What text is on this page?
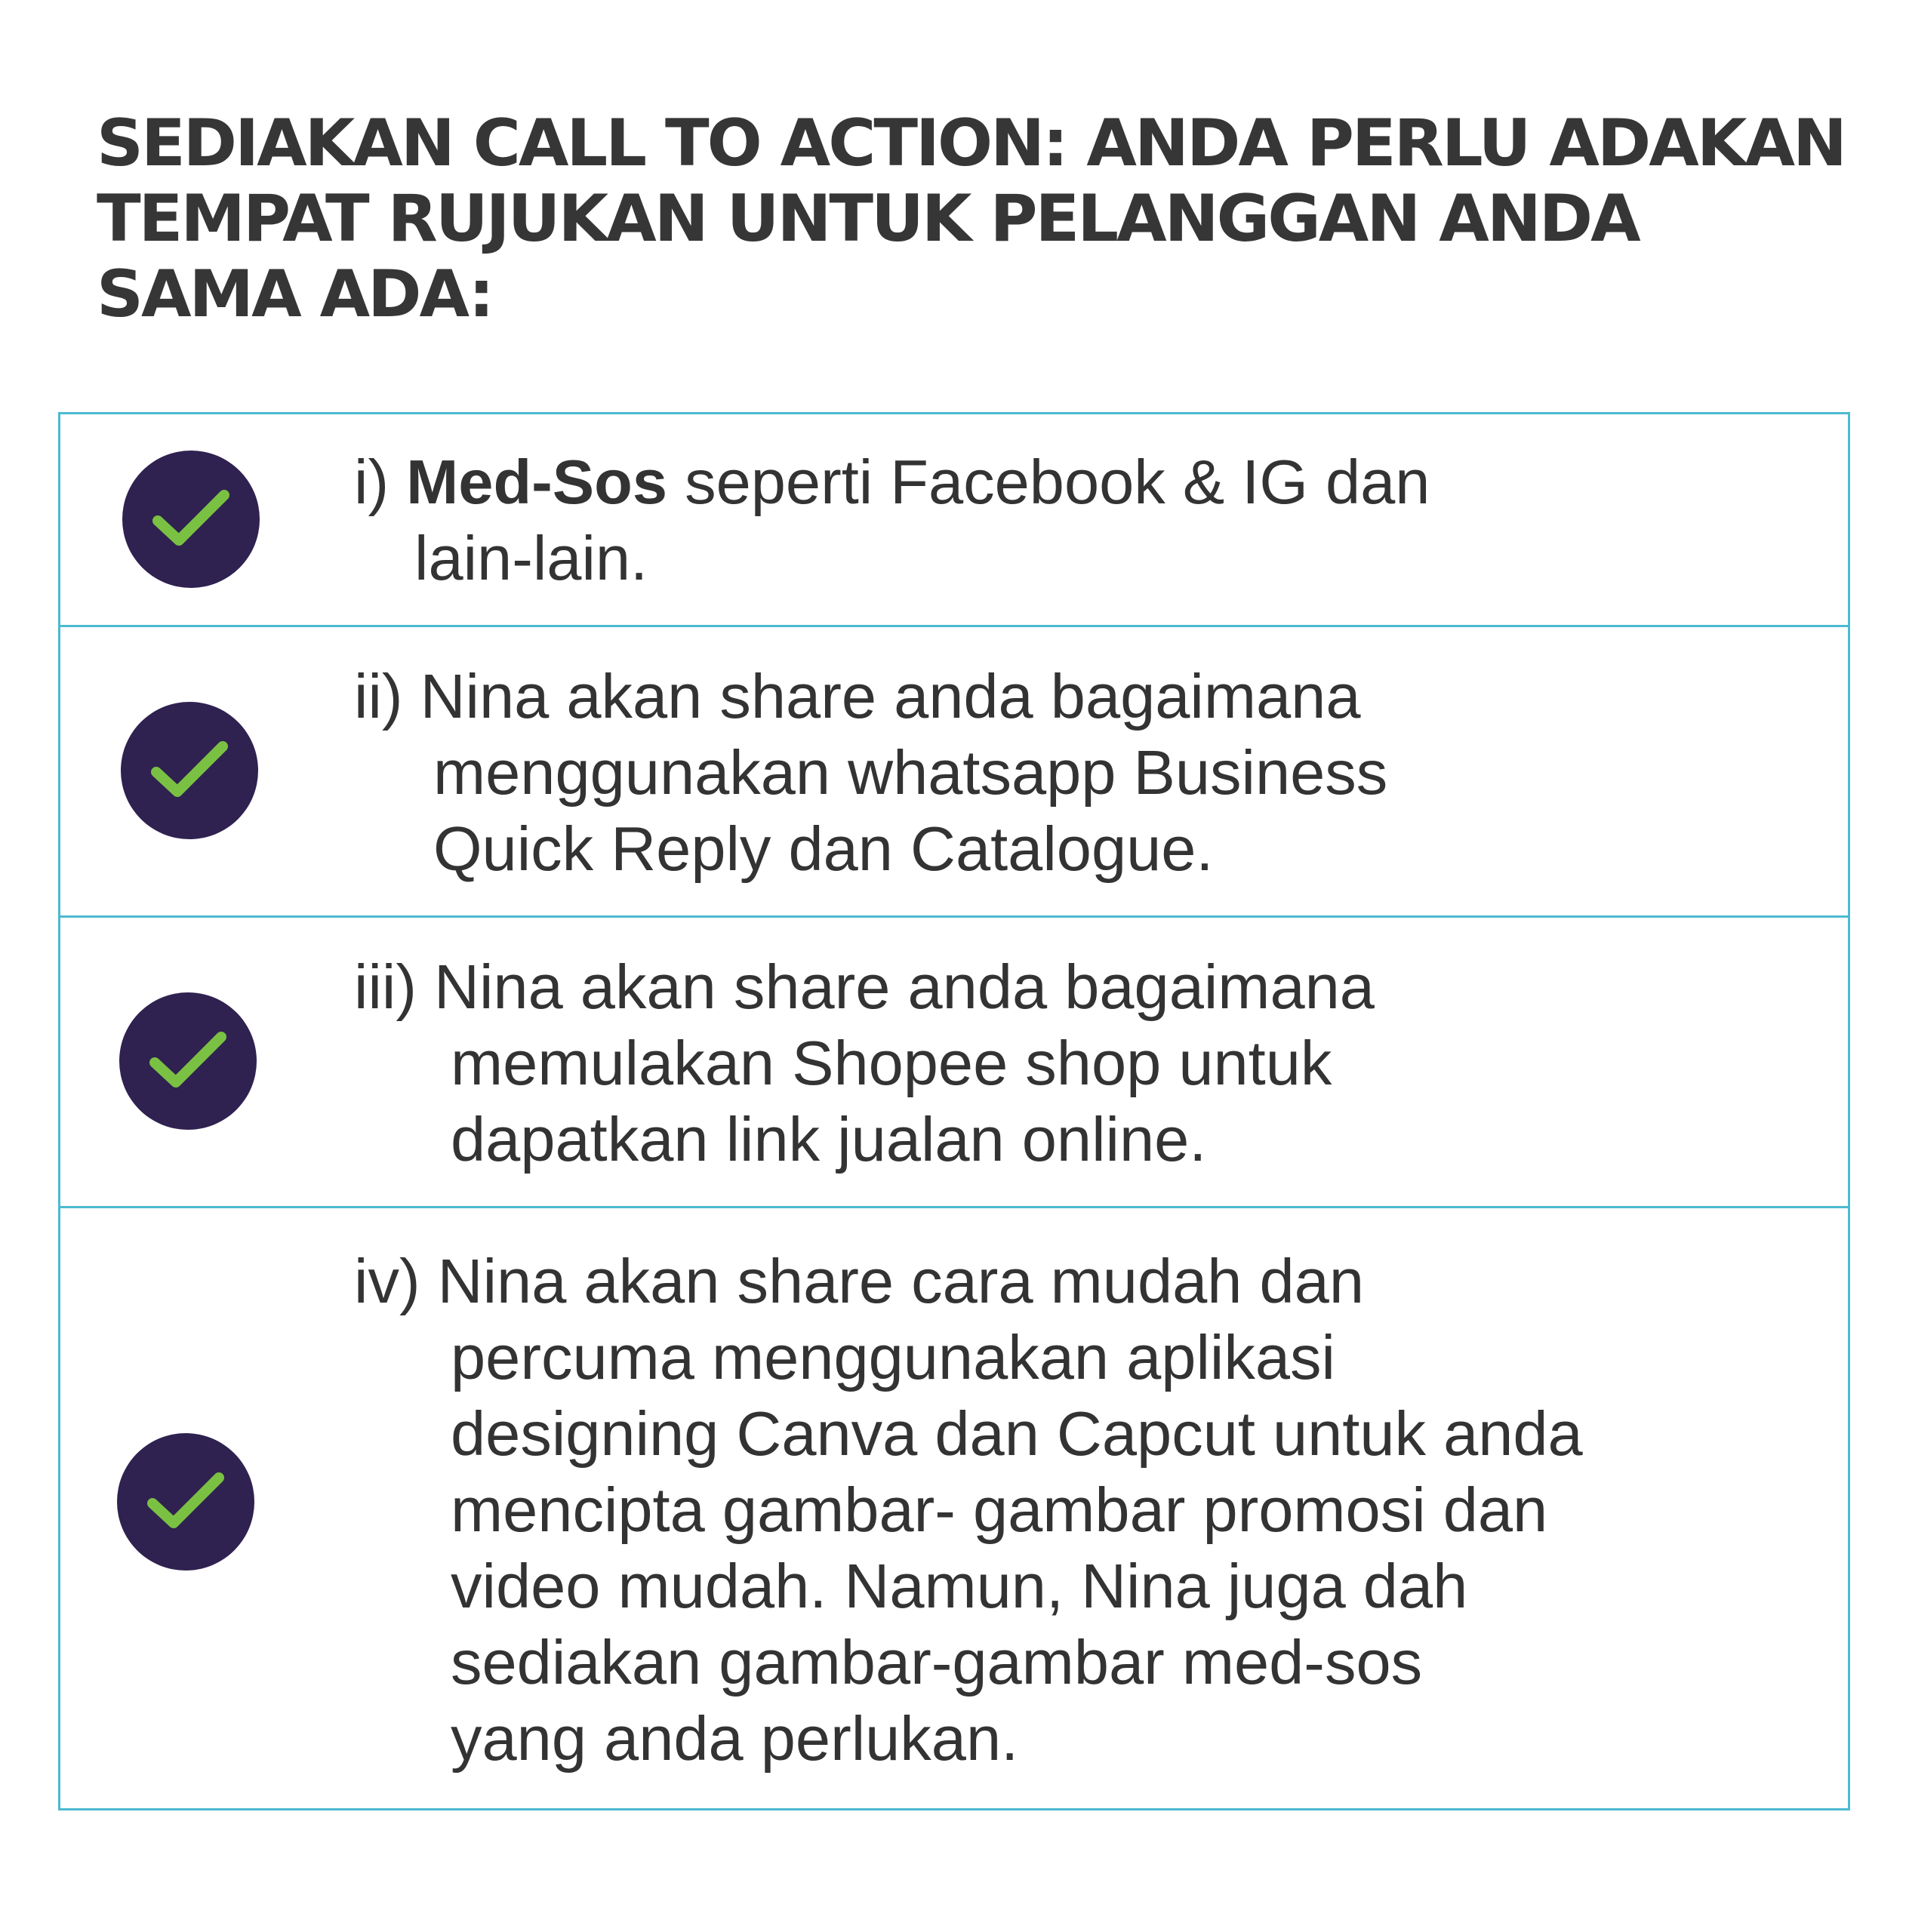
SEDIAKAN CALL TO ACTION: ANDA PERLU ADAKAN
TEMPAT RUJUKAN UNTUK PELANGGAN ANDA
SAMA ADA:

i) Med-Sos seperti Facebook & IG dan
lain-lain.

ii) Nina akan share anda bagaimana
menggunakan whatsapp Business
Quick Reply dan Catalogue.

iii) Nina akan share anda bagaimana
memulakan Shopee shop untuk
dapatkan link jualan online.

iv) Nina akan share cara mudah dan
percuma menggunakan aplikasi
designing Canva dan Capcut untuk anda
mencipta gambar- gambar promosi dan
video mudah. Namun, Nina juga dah
sediakan gambar-gambar med-sos
yang anda perlukan.
